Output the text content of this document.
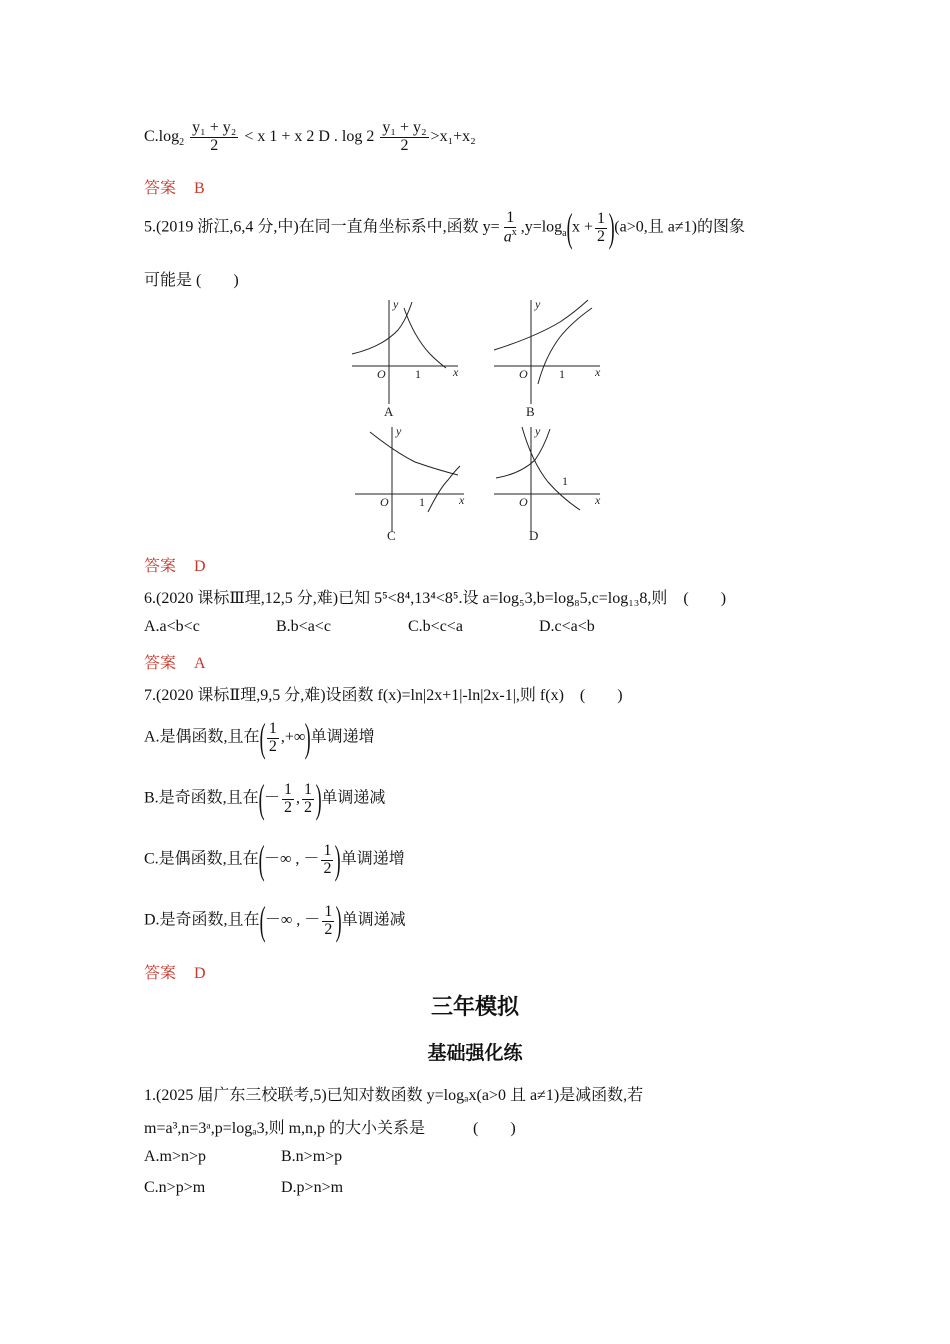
$C.\log_2 \frac{\text{y₁ + y₂}}{2} < x$ 1 + x 2 D . $\log 2 \frac{\text{y₁ + y₂}}{2} >x_1+x_2$
答案 B
5.(2019 浙江,6,4 分,中)在同一直角坐标系中,函数 $y= \frac{1}{a^x} ,y=\log_a(x + \frac{1}{2} )(a>0$,且 a≠1)的图象
可能是 (　　)
x
y
O	x
y
O
x
y
O	x
y
O
1	1
1
1
A	B
C	D
答案 D
6.(2020 课标Ⅲ理,12,5 分,难)已知 5⁵<8⁴,13⁴<8⁵.设 a=log₅3,b=log₈5,c=log₁₃8,则　(　　)
A.a<b<c	B.b<a<c	C.b<c<a	D.c<a<b
答案 A
7.(2020 课标Ⅱ理,9,5 分,难)设函数 f(x)=ln|2x+1|-ln|2x-1|,则 f(x)　(　　)
A.是偶函数,且在( $\frac{1}{2}$ ,+∞)单调递增
B.是奇函数,且在(－ $\frac{1}{2}$ , $\frac{1}{2}$ )单调递减
C.是偶函数,且在(－∞ , － $\frac{1}{2}$ )单调递增
D.是奇函数,且在(－∞ , － $\frac{1}{2}$ )单调递减
答案 D
三年模拟
基础强化练
1.(2025 届广东三校联考,5)已知对数函数 y=logₐx(a>0 且 a≠1)是减函数,若
m=a³,n=3ᵃ,p=logₐ3,则 m,n,p 的大小关系是　　　(　　)
A.m>n>p	B.n>m>p
C.n>p>m	D.p>n>m
